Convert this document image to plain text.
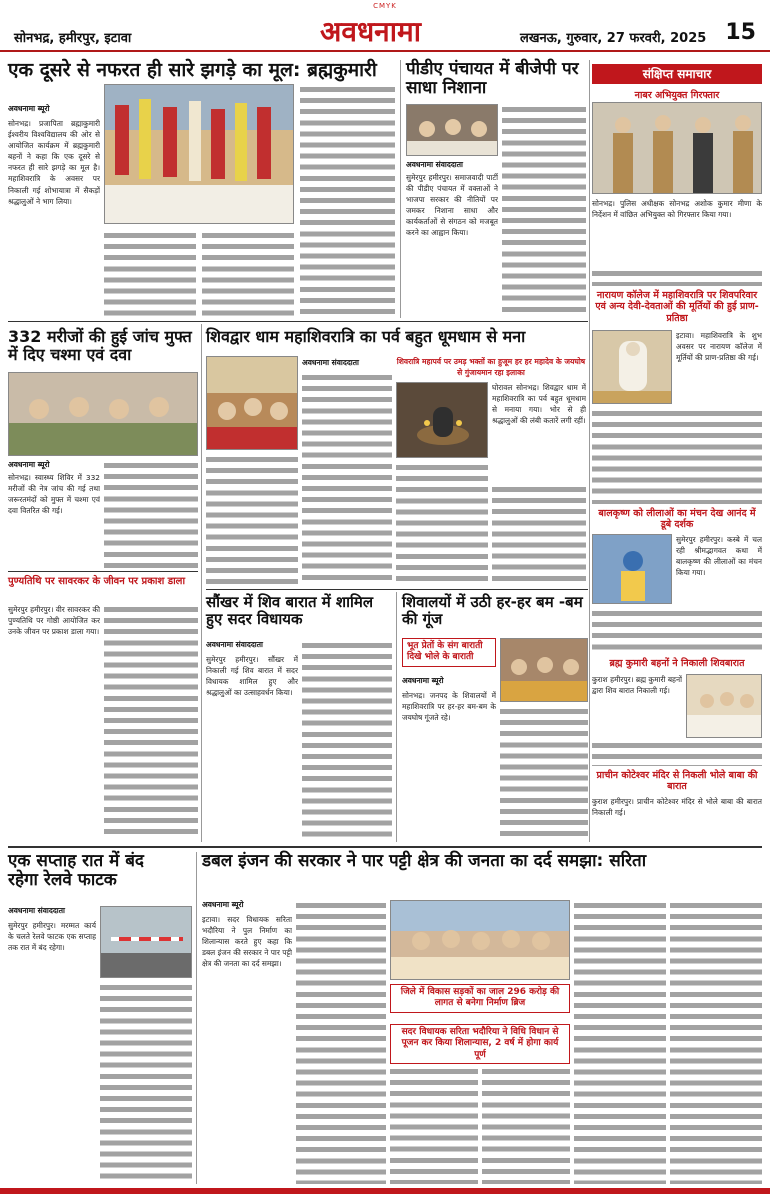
CMYK
सोनभद्र, हमीरपुर, इटावा	अवधनामा	लखनऊ, गुरुवार, 27 फरवरी, 2025 15
एक दूसरे से नफरत ही सारे झगड़े का मूल: ब्रह्मकुमारी
अवधनामा ब्यूरो
सोनभद्र। प्रजापिता ब्रह्माकुमारी ईश्वरीय विश्वविद्यालय की ओर से आयोजित कार्यक्रम में ब्रह्मकुमारी बहनों ने कहा कि एक दूसरे से नफरत ही सारे झगड़े का मूल है। महाशिवरात्रि के अवसर पर निकाली गई शोभायात्रा में सैकड़ों श्रद्धालुओं ने भाग लिया।
पीडीए पंचायत में बीजेपी पर साधा निशाना
अवधनामा संवाददाता
सुमेरपुर हमीरपुर। समाजवादी पार्टी की पीडीए पंचायत में वक्ताओं ने भाजपा सरकार की नीतियों पर जमकर निशाना साधा और कार्यकर्ताओं से संगठन को मजबूत करने का आह्वान किया।
332 मरीजों की हुई जांच मुफ्त में दिए चश्मा एवं दवा
अवधनामा ब्यूरो
सोनभद्र। स्वास्थ्य शिविर में 332 मरीजों की नेत्र जांच की गई तथा जरूरतमंदों को मुफ्त में चश्मा एवं दवा वितरित की गई।
पुण्यतिथि पर सावरकर के जीवन पर प्रकाश डाला
सुमेरपुर हमीरपुर। वीर सावरकर की पुण्यतिथि पर गोष्ठी आयोजित कर उनके जीवन पर प्रकाश डाला गया।
शिवद्वार धाम महाशिवरात्रि का पर्व बहुत धूमधाम से मना
अवधनामा संवाददाता	शिवरात्रि महापर्व पर उमड़ भक्तों का हुजूम हर हर महादेव के जयघोष से गुंजायमान रहा इलाका
घोरावल सोनभद्र। शिवद्वार धाम में महाशिवरात्रि का पर्व बहुत धूमधाम से मनाया गया। भोर से ही श्रद्धालुओं की लंबी कतारें लगी रहीं।
सौंखर में शिव बारात में शामिल हुए सदर विधायक
अवधनामा संवाददाता
सुमेरपुर हमीरपुर। सौंखर में निकाली गई शिव बारात में सदर विधायक शामिल हुए और श्रद्धालुओं का उत्साहवर्धन किया।
शिवालयों में उठी हर-हर बम -बम की गूंज
भूत प्रेतों के संग बाराती दिखे भोले के बाराती
अवधनामा ब्यूरो
सोनभद्र। जनपद के शिवालयों में महाशिवरात्रि पर हर-हर बम-बम के जयघोष गूंजते रहे।
संक्षिप्त समाचार
नाबर अभियुक्त गिरफ्तार
सोनभद्र। पुलिस अधीक्षक सोनभद्र अशोक कुमार मीणा के निर्देशन में वांछित अभियुक्त को गिरफ्तार किया गया।
नारायण कॉलेज में महाशिवरात्रि पर शिवपरिवार एवं अन्य देवी-देवताओं की मूर्तियों की हुई प्राण-प्रतिष्ठा
इटावा। महाशिवरात्रि के शुभ अवसर पर नारायण कॉलेज में मूर्तियों की प्राण-प्रतिष्ठा की गई।
बालकृष्ण को लीलाओं का मंचन देख आनंद में डूबे दर्शक
सुमेरपुर हमीरपुर। कस्बे में चल रही श्रीमद्भागवत कथा में बालकृष्ण की लीलाओं का मंचन किया गया।
ब्रह्म कुमारी बहनों ने निकाली शिवबारात
कुराश हमीरपुर। ब्रह्म कुमारी बहनों द्वारा शिव बारात निकाली गई।
प्राचीन कोटेश्वर मंदिर से निकली भोले बाबा की बारात
कुराश हमीरपुर। प्राचीन कोटेश्वर मंदिर से भोले बाबा की बारात निकाली गई।
एक सप्ताह रात में बंद रहेगा रेलवे फाटक
अवधनामा संवाददाता
सुमेरपुर हमीरपुर। मरम्मत कार्य के चलते रेलवे फाटक एक सप्ताह तक रात में बंद रहेगा।
डबल इंजन की सरकार ने पार पट्टी क्षेत्र की जनता का दर्द समझा: सरिता
अवधनामा ब्यूरो
इटावा। सदर विधायक सरिता भदौरिया ने पुल निर्माण का शिलान्यास करते हुए कहा कि डबल इंजन की सरकार ने पार पट्टी क्षेत्र की जनता का दर्द समझा।
जिले में विकास सड़कों का जाल 296 करोड़ की लागत से बनेगा निर्माण ब्रिज
सदर विधायक सरिता भदौरिया ने विधि विधान से पूजन कर किया शिलान्यास, 2 वर्ष में होगा कार्य पूर्ण
